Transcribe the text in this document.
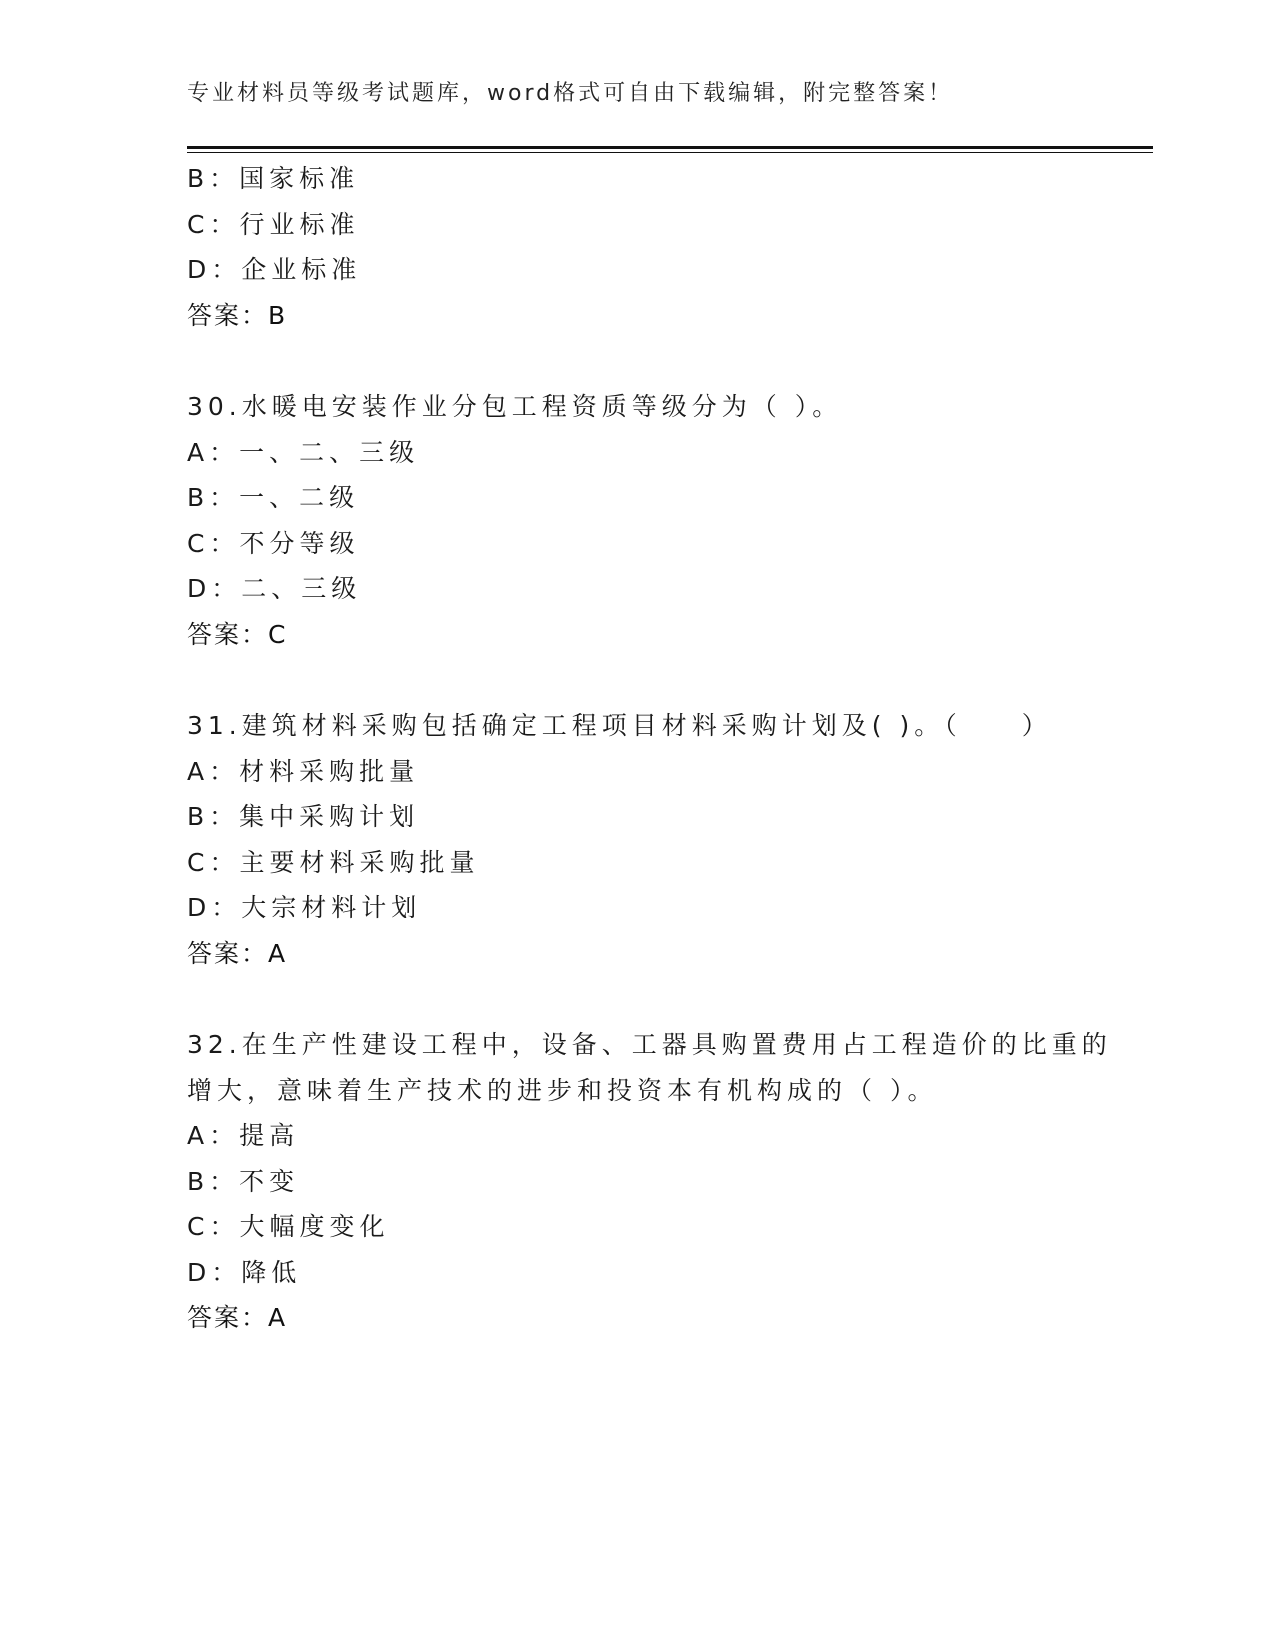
专业材料员等级考试题库，word格式可自由下载编辑，附完整答案！
B：国家标准
C：行业标准
D：企业标准
答案：B
30.水暖电安装作业分包工程资质等级分为（ ）。
A：一、二、三级
B：一、二级
C：不分等级
D：二、三级
答案：C
31.建筑材料采购包括确定工程项目材料采购计划及( )。（　　）
A：材料采购批量
B：集中采购计划
C：主要材料采购批量
D：大宗材料计划
答案：A
32.在生产性建设工程中，设备、工器具购置费用占工程造价的比重的
增大，意味着生产技术的进步和投资本有机构成的（ ）。
A：提高
B：不变
C：大幅度变化
D：降低
答案：A
